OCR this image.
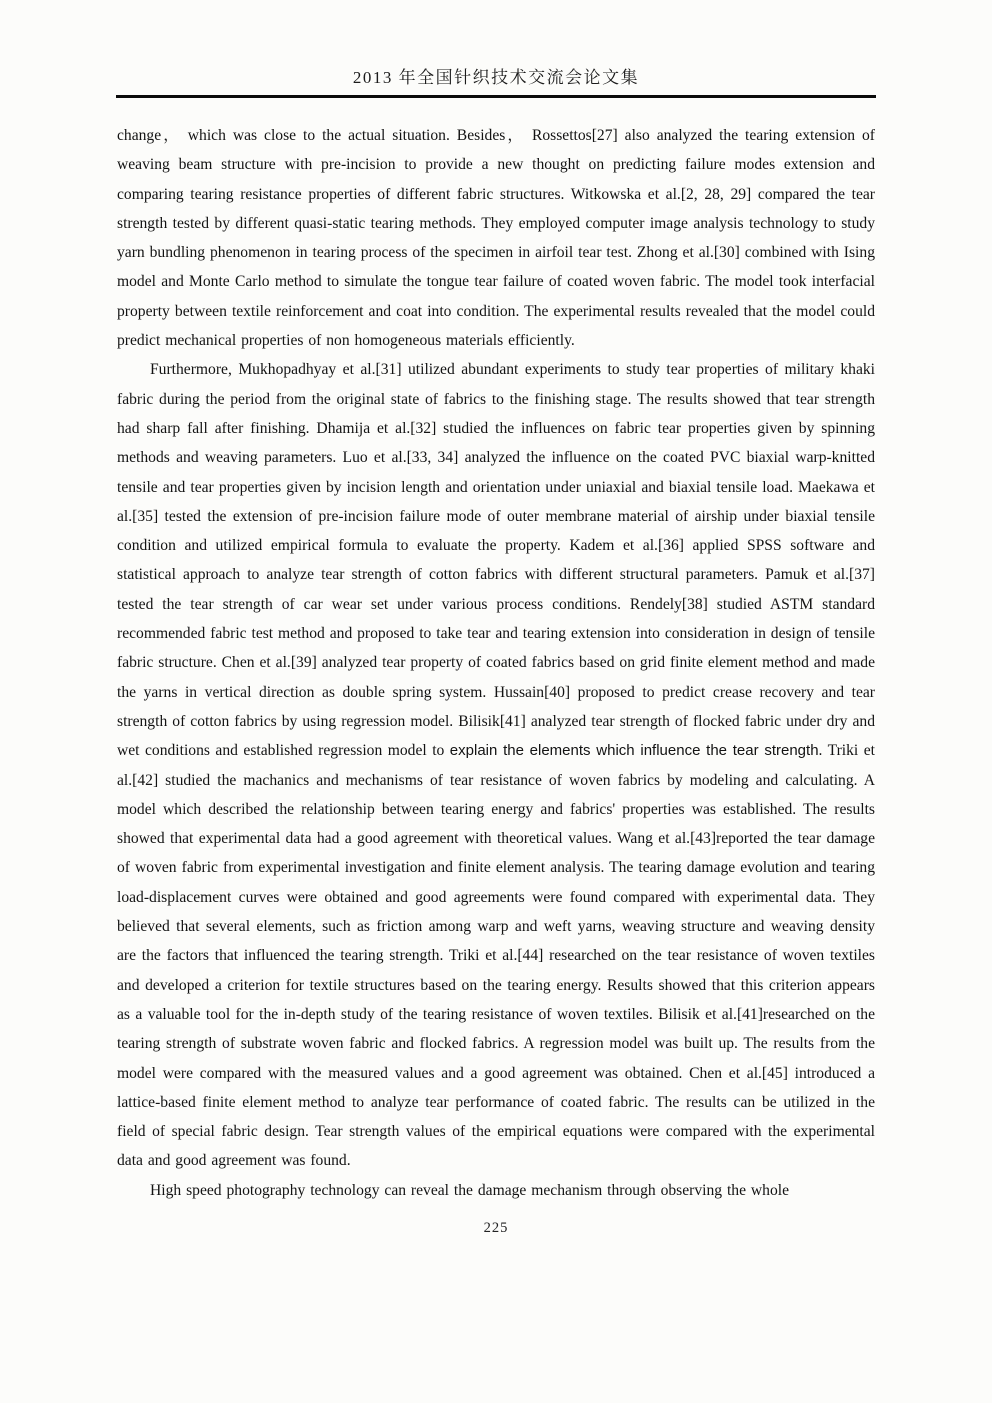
2013 年全国针织技术交流会论文集

change， which was close to the actual situation. Besides， Rossettos[27] also analyzed the tearing extension of weaving beam structure with pre-incision to provide a new thought on predicting failure modes extension and comparing tearing resistance properties of different fabric structures. Witkowska et al.[2, 28, 29] compared the tear strength tested by different quasi-static tearing methods. They employed computer image analysis technology to study yarn bundling phenomenon in tearing process of the specimen in airfoil tear test. Zhong et al.[30] combined with Ising model and Monte Carlo method to simulate the tongue tear failure of coated woven fabric. The model took interfacial property between textile reinforcement and coat into condition. The experimental results revealed that the model could predict mechanical properties of non homogeneous materials efficiently.

Furthermore, Mukhopadhyay et al.[31] utilized abundant experiments to study tear properties of military khaki fabric during the period from the original state of fabrics to the finishing stage. The results showed that tear strength had sharp fall after finishing. Dhamija et al.[32] studied the influences on fabric tear properties given by spinning methods and weaving parameters. Luo et al.[33, 34] analyzed the influence on the coated PVC biaxial warp-knitted tensile and tear properties given by incision length and orientation under uniaxial and biaxial tensile load. Maekawa et al.[35] tested the extension of pre-incision failure mode of outer membrane material of airship under biaxial tensile condition and utilized empirical formula to evaluate the property. Kadem et al.[36] applied SPSS software and statistical approach to analyze tear strength of cotton fabrics with different structural parameters. Pamuk et al.[37] tested the tear strength of car wear set under various process conditions. Rendely[38] studied ASTM standard recommended fabric test method and proposed to take tear and tearing extension into consideration in design of tensile fabric structure. Chen et al.[39] analyzed tear property of coated fabrics based on grid finite element method and made the yarns in vertical direction as double spring system. Hussain[40] proposed to predict crease recovery and tear strength of cotton fabrics by using regression model. Bilisik[41] analyzed tear strength of flocked fabric under dry and wet conditions and established regression model to explain the elements which influence the tear strength. Triki et al.[42] studied the machanics and mechanisms of tear resistance of woven fabrics by modeling and calculating. A model which described the relationship between tearing energy and fabrics' properties was established. The results showed that experimental data had a good agreement with theoretical values. Wang et al.[43]reported the tear damage of woven fabric from experimental investigation and finite element analysis. The tearing damage evolution and tearing load-displacement curves were obtained and good agreements were found compared with experimental data. They believed that several elements, such as friction among warp and weft yarns, weaving structure and weaving density are the factors that influenced the tearing strength. Triki et al.[44] researched on the tear resistance of woven textiles and developed a criterion for textile structures based on the tearing energy. Results showed that this criterion appears as a valuable tool for the in-depth study of the tearing resistance of woven textiles. Bilisik et al.[41]researched on the tearing strength of substrate woven fabric and flocked fabrics. A regression model was built up. The results from the model were compared with the measured values and a good agreement was obtained. Chen et al.[45] introduced a lattice-based finite element method to analyze tear performance of coated fabric. The results can be utilized in the field of special fabric design. Tear strength values of the empirical equations were compared with the experimental data and good agreement was found.

High speed photography technology can reveal the damage mechanism through observing the whole

225
